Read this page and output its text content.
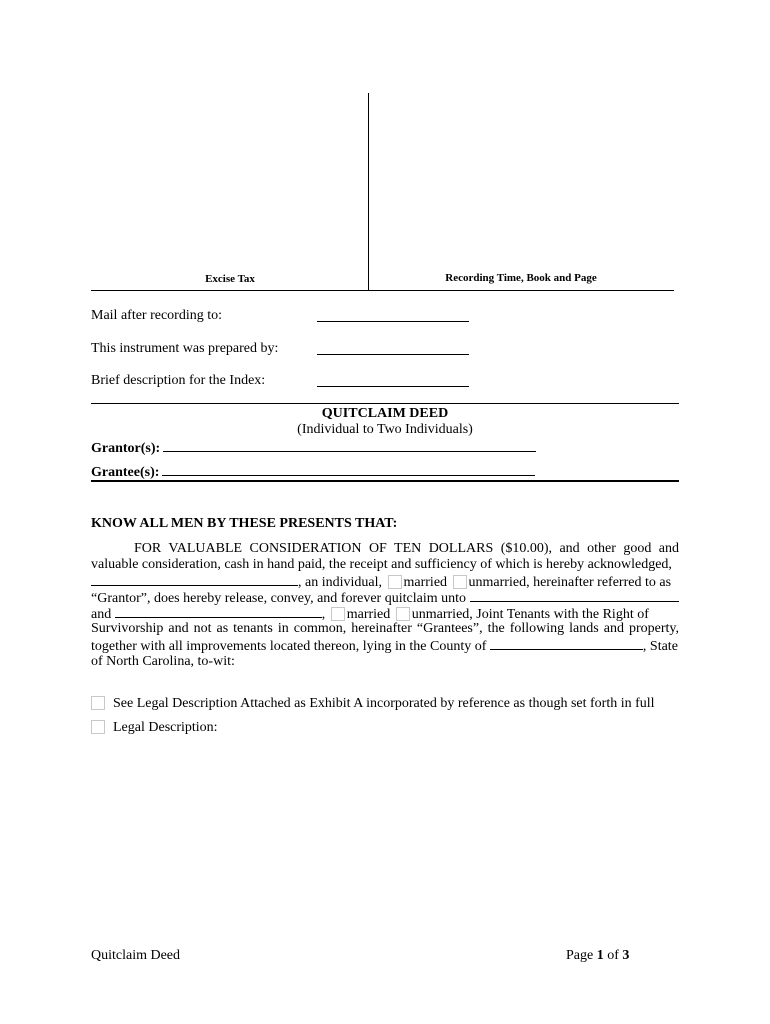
Excise Tax	Recording Time, Book and Page
Mail after recording to:
This instrument was prepared by:
Brief description for the Index:
QUITCLAIM DEED
(Individual to Two Individuals)
Grantor(s):
Grantee(s):
KNOW ALL MEN BY THESE PRESENTS THAT:
FOR VALUABLE CONSIDERATION OF TEN DOLLARS ($10.00), and other good and valuable consideration, cash in hand paid, the receipt and sufficiency of which is hereby acknowledged,
, an individual, married unmarried, hereinafter referred to as
“Grantor”, does hereby release, convey, and forever quitclaim unto
and	, married unmarried, Joint Tenants with the Right of
Survivorship and not as tenants in common, hereinafter “Grantees”, the following lands and property, together with all improvements located thereon, lying in the County of	, State
of North Carolina, to-wit:
See Legal Description Attached as Exhibit A incorporated by reference as though set forth in full
Legal Description:
Quitclaim Deed	Page 1 of 3
